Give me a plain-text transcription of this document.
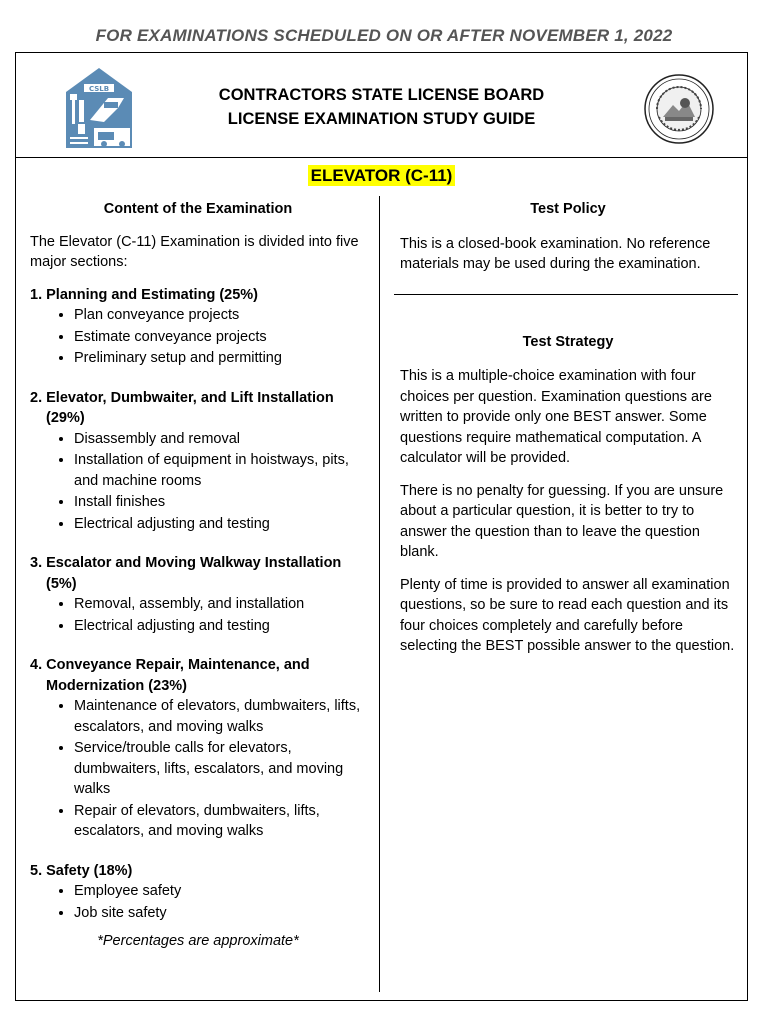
FOR EXAMINATIONS SCHEDULED ON OR AFTER NOVEMBER 1, 2022
CSLB	CONTRACTORS STATE LICENSE BOARD
LICENSE EXAMINATION STUDY GUIDE
ELEVATOR (C-11)

Content of the Examination

The Elevator (C-11) Examination is divided into five major sections:

1. Planning and Estimating (25%)

• Plan conveyance projects
• Estimate conveyance projects
• Preliminary setup and permitting

2. Elevator, Dumbwaiter, and Lift Installation
(29%)

• Disassembly and removal
• Installation of equipment in hoistways, pits, and machine rooms
• Install finishes
• Electrical adjusting and testing

3. Escalator and Moving Walkway Installation
(5%)

• Removal, assembly, and installation
• Electrical adjusting and testing

4. Conveyance Repair, Maintenance, and
Modernization (23%)

• Maintenance of elevators, dumbwaiters, lifts, escalators, and moving walks
• Service/trouble calls for elevators, dumbwaiters, lifts, escalators, and moving walks
• Repair of elevators, dumbwaiters, lifts, escalators, and moving walks

5. Safety (18%)

• Employee safety
• Job site safety

*Percentages are approximate*

Test Policy

This is a closed-book examination. No reference materials may be used during the examination.

Test Strategy

This is a multiple-choice examination with four choices per question. Examination questions are written to provide only one BEST answer. Some questions require mathematical computation. A calculator will be provided.

There is no penalty for guessing. If you are unsure about a particular question, it is better to try to answer the question than to leave the question blank.

Plenty of time is provided to answer all examination questions, so be sure to read each question and its four choices completely and carefully before selecting the BEST possible answer to the question.
